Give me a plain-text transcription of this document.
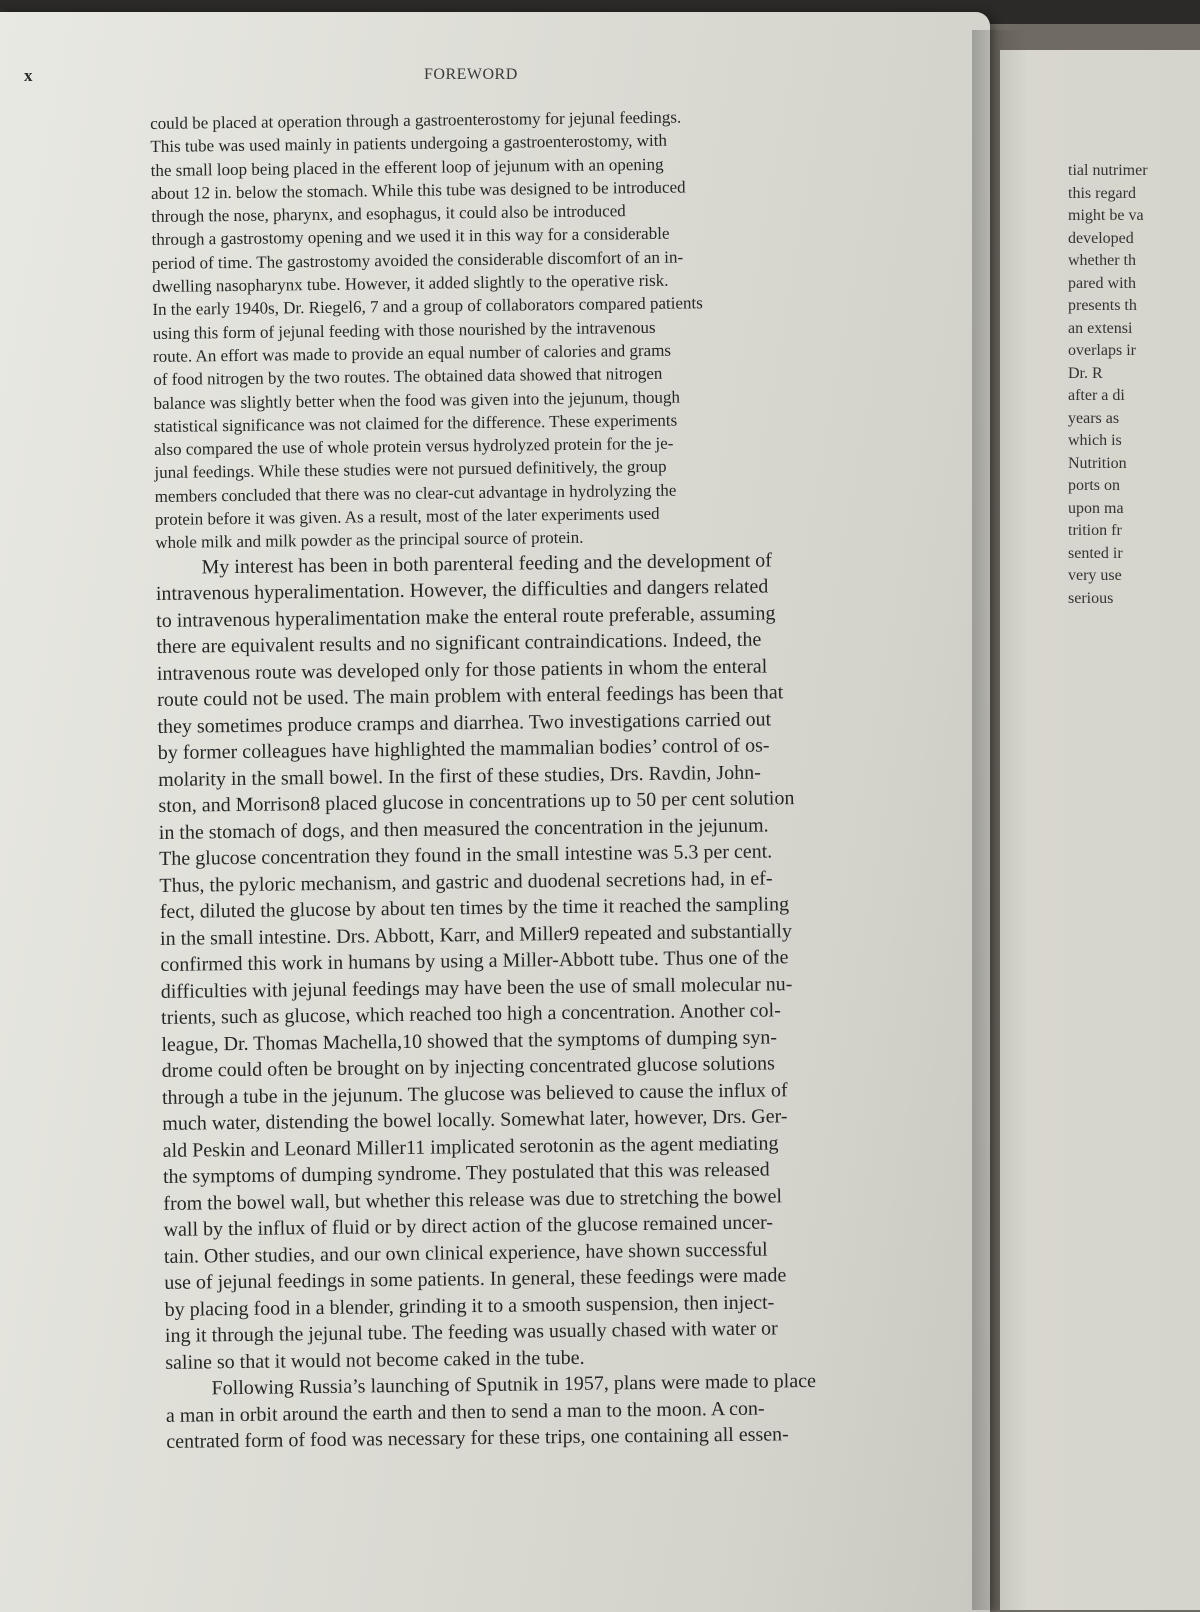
x	FOREWORD
could be placed at operation through a gastroenterostomy for jejunal feedings.
This tube was used mainly in patients undergoing a gastroenterostomy, with
the small loop being placed in the efferent loop of jejunum with an opening
about 12 in. below the stomach. While this tube was designed to be introduced
through the nose, pharynx, and esophagus, it could also be introduced
through a gastrostomy opening and we used it in this way for a considerable
period of time. The gastrostomy avoided the considerable discomfort of an in-
dwelling nasopharynx tube. However, it added slightly to the operative risk.
In the early 1940s, Dr. Riegel6, 7 and a group of collaborators compared patients
using this form of jejunal feeding with those nourished by the intravenous
route. An effort was made to provide an equal number of calories and grams
of food nitrogen by the two routes. The obtained data showed that nitrogen
balance was slightly better when the food was given into the jejunum, though
statistical significance was not claimed for the difference. These experiments
also compared the use of whole protein versus hydrolyzed protein for the je-
junal feedings. While these studies were not pursued definitively, the group
members concluded that there was no clear-cut advantage in hydrolyzing the
protein before it was given. As a result, most of the later experiments used
whole milk and milk powder as the principal source of protein.
My interest has been in both parenteral feeding and the development of
intravenous hyperalimentation. However, the difficulties and dangers related
to intravenous hyperalimentation make the enteral route preferable, assuming
there are equivalent results and no significant contraindications. Indeed, the
intravenous route was developed only for those patients in whom the enteral
route could not be used. The main problem with enteral feedings has been that
they sometimes produce cramps and diarrhea. Two investigations carried out
by former colleagues have highlighted the mammalian bodies’ control of os-
molarity in the small bowel. In the first of these studies, Drs. Ravdin, John-
ston, and Morrison8 placed glucose in concentrations up to 50 per cent solution
in the stomach of dogs, and then measured the concentration in the jejunum.
The glucose concentration they found in the small intestine was 5.3 per cent.
Thus, the pyloric mechanism, and gastric and duodenal secretions had, in ef-
fect, diluted the glucose by about ten times by the time it reached the sampling
in the small intestine. Drs. Abbott, Karr, and Miller9 repeated and substantially
confirmed this work in humans by using a Miller-Abbott tube. Thus one of the
difficulties with jejunal feedings may have been the use of small molecular nu-
trients, such as glucose, which reached too high a concentration. Another col-
league, Dr. Thomas Machella,10 showed that the symptoms of dumping syn-
drome could often be brought on by injecting concentrated glucose solutions
through a tube in the jejunum. The glucose was believed to cause the influx of
much water, distending the bowel locally. Somewhat later, however, Drs. Ger-
ald Peskin and Leonard Miller11 implicated serotonin as the agent mediating
the symptoms of dumping syndrome. They postulated that this was released
from the bowel wall, but whether this release was due to stretching the bowel
wall by the influx of fluid or by direct action of the glucose remained uncer-
tain. Other studies, and our own clinical experience, have shown successful
use of jejunal feedings in some patients. In general, these feedings were made
by placing food in a blender, grinding it to a smooth suspension, then inject-
ing it through the jejunal tube. The feeding was usually chased with water or
saline so that it would not become caked in the tube.
Following Russia’s launching of Sputnik in 1957, plans were made to place
a man in orbit around the earth and then to send a man to the moon. A con-
centrated form of food was necessary for these trips, one containing all essen-
tial nutrimer
this regard
might be va
developed
whether th
pared with
presents th
an extensi
overlaps ir
Dr. R
after a di
years as
which is
Nutrition
ports on
upon ma
trition fr
sented ir
very use
serious
